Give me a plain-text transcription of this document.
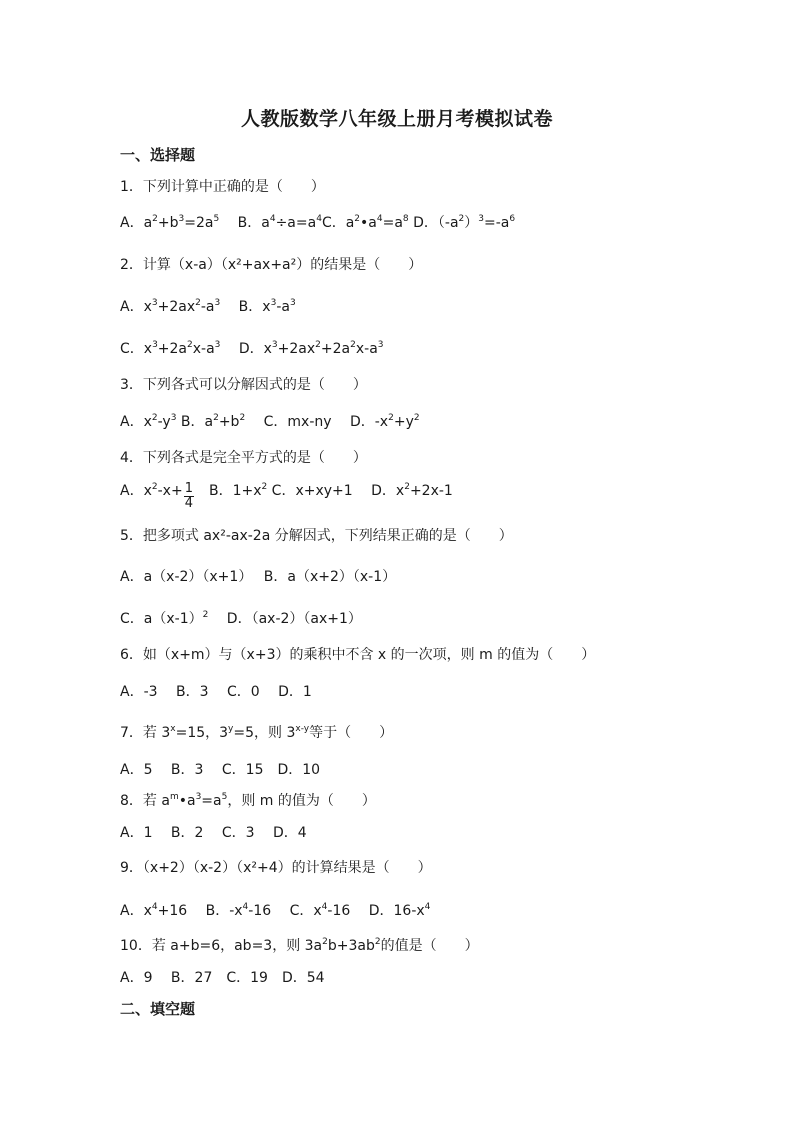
人教版数学八年级上册月考模拟试卷
一、选择题
1．下列计算中正确的是（　　）
A．$a^2+b^3=2a^5$　 B．$a^4\div a=a^4C$．$a^2•a^4=a^8$ D．$(-a^2)^3=-a^6$
2．计算（x-a）（x²+ax+a²）的结果是（　　）
A．$x^3+2ax^2-a^3$　 B．$x^3-a^3$
C．$x^3+2a^2x-a^3$　 D．$x^3+2ax^2+2a^2x-a^3$
3．下列各式可以分解因式的是（　　）
A．$x^2-y^3$ B．$a^2+b^2$　 C．mx-ny　 D．$-x^2+y^2$
4．下列各式是完全平方式的是（　　）
A．$x^2-x+ \frac{1}{4}$ 　B．$1+x^2$ C．x+xy+1　 D．$x^2+2x-1$
5．把多项式 ax²-ax-2a 分解因式，下列结果正确的是（　　）
A．a（x-2）（x+1）　 B．a（x+2）（x-1）
C．$a(x-1)^2$　 D．（ax-2）（ax+1）
6．如（x+m）与（x+3）的乘积中不含 x 的一次项，则 m 的值为（　　）
A．-3　 B．3　 C．0　 D．1
7．若 $3^x=15$，$3^y=5$，则 3$^{x-y}$等于（　　）
A．5　 B．3　 C．15　D．10
8．若 $a^m•a^3=a^5$，则 m 的值为（　　）
A．1　 B．2　 C．3　 D．4
9．（x+2）（x-2）（x²+4）的计算结果是（　　）
A．$x^4+16$　 B．$-x^4-16$　 C．$x^4-16$　 D．$16-x^4$
10．若 a+b=6，ab=3，则 $3a^2b+3ab^2$的值是（　　）
A．9　 B．27　C．19　D．54
二、填空题
